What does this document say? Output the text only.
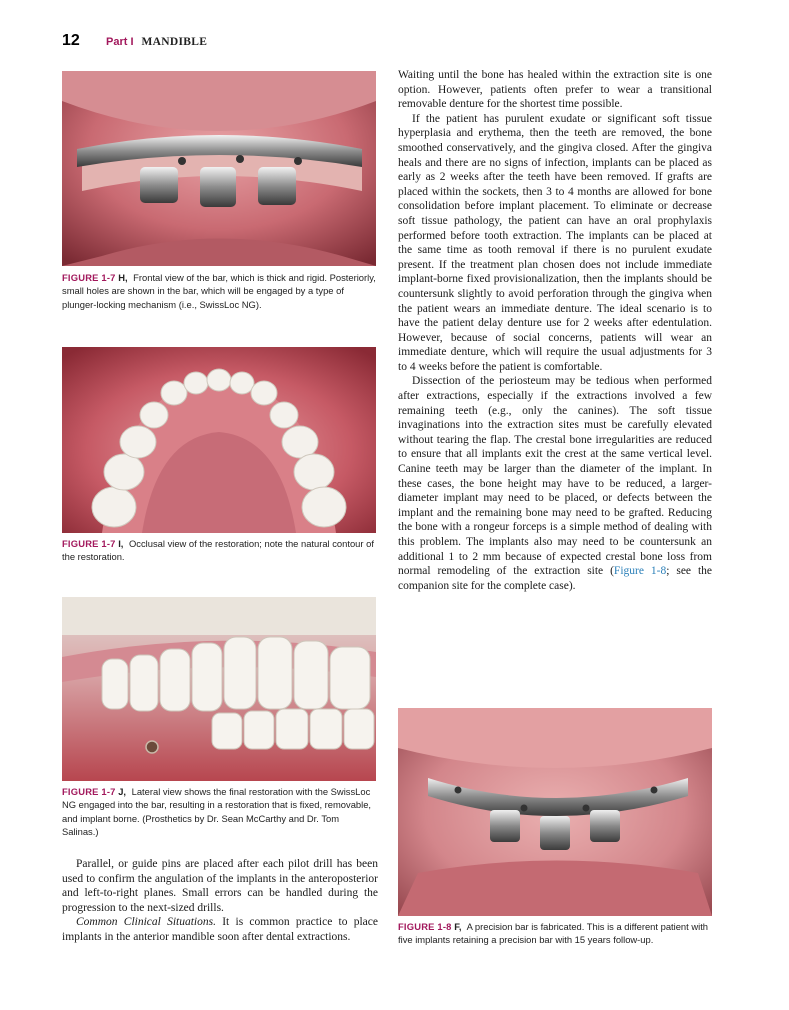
12	Part I MANDIBLE
FIGURE 1-7 H, Frontal view of the bar, which is thick and rigid. Posteriorly, small holes are shown in the bar, which will be engaged by a type of plunger-locking mechanism (i.e., SwissLoc NG).
FIGURE 1-7 I, Occlusal view of the restoration; note the natural contour of the restoration.
FIGURE 1-7 J, Lateral view shows the final restoration with the SwissLoc NG engaged into the bar, resulting in a restoration that is fixed, removable, and implant borne. (Prosthetics by Dr. Sean McCarthy and Dr. Tom Salinas.)

Parallel, or guide pins are placed after each pilot drill has been used to confirm the angulation of the implants in the anteroposterior and left-to-right planes. Small errors can be handled during the progression to the next-sized drills.

Common Clinical Situations. It is common practice to place implants in the anterior mandible soon after dental extractions.

Waiting until the bone has healed within the extraction site is one option. However, patients often prefer to wear a transitional removable denture for the shortest time possible.

If the patient has purulent exudate or significant soft tissue hyperplasia and erythema, then the teeth are removed, the bone smoothed conservatively, and the gingiva closed. After the gingiva heals and there are no signs of infection, implants can be placed as early as 2 weeks after the teeth have been removed. If grafts are placed within the sockets, then 3 to 4 months are allowed for bone consolidation before implant placement. To eliminate or decrease soft tissue pathology, the patient can have an oral prophylaxis performed before tooth extraction. The implants can be placed at the same time as tooth removal if there is no purulent exudate present. If the treatment plan chosen does not include immediate implant-borne fixed provisionalization, then the implants should be countersunk slightly to avoid perforation through the gingiva when the patient wears an immediate denture. The ideal scenario is to have the patient delay denture use for 2 weeks after edentulation. However, because of social concerns, patients will wear an immediate denture, which will require the usual adjustments for 3 to 4 weeks before the patient is comfortable.

Dissection of the periosteum may be tedious when performed after extractions, especially if the extractions involved a few remaining teeth (e.g., only the canines). The soft tissue invaginations into the extraction sites must be carefully elevated without tearing the flap. The crestal bone irregularities are reduced to ensure that all implants exit the crest at the same vertical level. Canine teeth may be larger than the diameter of the implant. In these cases, the bone height may have to be reduced, a larger-diameter implant may need to be placed, or defects between the implant and the remaining bone may need to be grafted. Reducing the bone with a rongeur forceps is a simple method of dealing with this problem. The implants also may need to be countersunk an additional 1 to 2 mm because of expected crestal bone loss from normal remodeling of the extraction site (Figure 1-8; see the companion site for the complete case).

FIGURE 1-8 F, A precision bar is fabricated. This is a different patient with five implants retaining a precision bar with 15 years follow-up.
